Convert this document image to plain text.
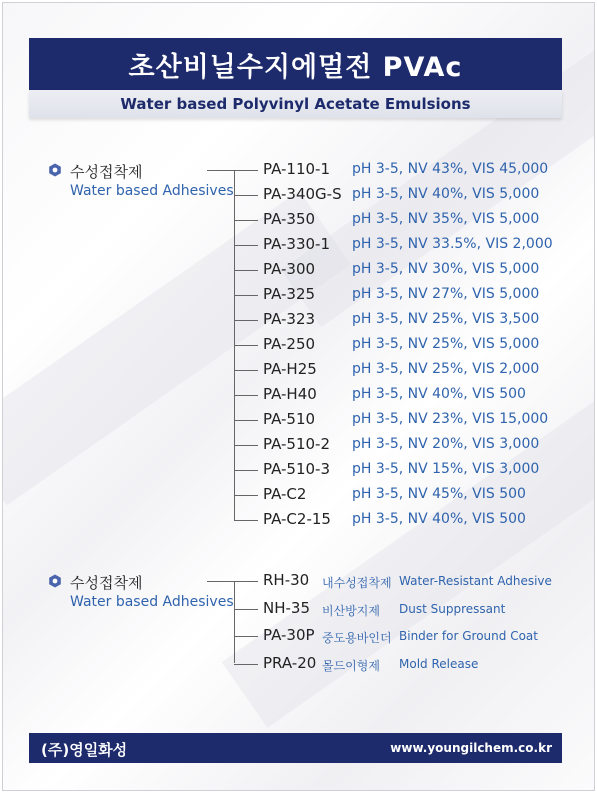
초산비닐수지에멀전 PVAc
Water based Polyvinyl Acetate Emulsions
수성접착제
Water based Adhesives
PA-110-1 pH 3-5, NV 43%, VIS 45,000
PA-340G-S pH 3-5, NV 40%, VIS 5,000
PA-350	pH 3-5, NV 35%, VIS 5,000
PA-330-1 pH 3-5, NV 33.5%, VIS 2,000
PA-300	pH 3-5, NV 30%, VIS 5,000
PA-325	pH 3-5, NV 27%, VIS 5,000
PA-323	pH 3-5, NV 25%, VIS 3,500
PA-250	pH 3-5, NV 25%, VIS 5,000
PA-H25	pH 3-5, NV 25%, VIS 2,000
PA-H40	pH 3-5, NV 40%, VIS 500
PA-510	pH 3-5, NV 23%, VIS 15,000
PA-510-2 pH 3-5, NV 20%, VIS 3,000
PA-510-3 pH 3-5, NV 15%, VIS 3,000
PA-C2	pH 3-5, NV 45%, VIS 500
PA-C2-15 pH 3-5, NV 40%, VIS 500
수성접착제
Water based Adhesives
RH-30 내수성접착제 Water-Resistant Adhesive
NH-35 비산방지제 Dust Suppressant
PA-30P 중도용바인더 Binder for Ground Coat
PRA-20 몰드이형제 Mold Release
(주)영일화성	www.youngilchem.co.kr
